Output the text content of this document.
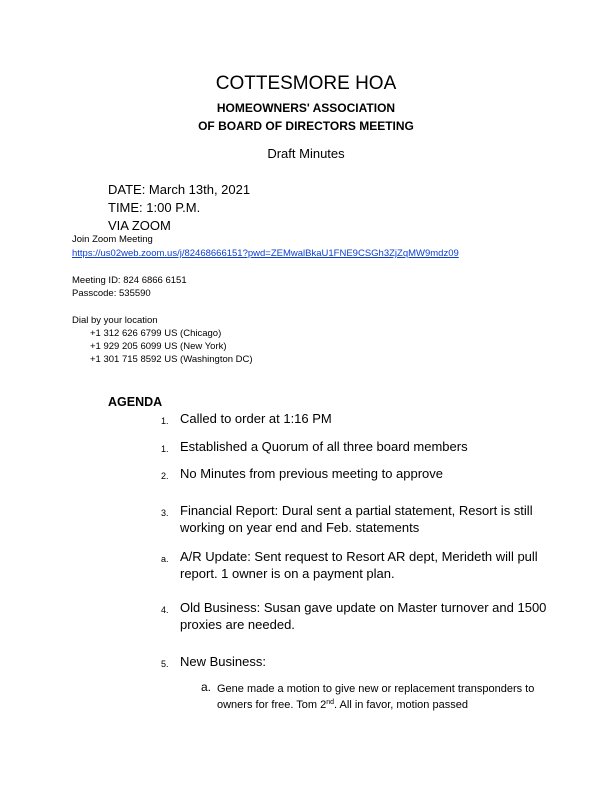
COTTESMORE HOA
HOMEOWNERS' ASSOCIATION
OF BOARD OF DIRECTORS MEETING
Draft Minutes
DATE: March 13th, 2021
TIME: 1:00 P.M.
VIA ZOOM
Join Zoom Meeting
https://us02web.zoom.us/j/82468666151?pwd=ZEMwalBkaU1FNE9CSGh3ZjZqMW9mdz09
Meeting ID: 824 6866 6151
Passcode: 535590
Dial by your location
+1 312 626 6799 US (Chicago)
+1 929 205 6099 US (New York)
+1 301 715 8592 US (Washington DC)
AGENDA
1. Called to order at 1:16 PM
1. Established a Quorum of all three board members
2. No Minutes from previous meeting to approve
3. Financial Report: Dural sent a partial statement, Resort is still
working on year end and Feb. statements
a. A/R Update: Sent request to Resort AR dept, Merideth will pull
report. 1 owner is on a payment plan.
4. Old Business: Susan gave update on Master turnover and 1500
proxies are needed.
5. New Business:
a. Gene made a motion to give new or replacement transponders to
owners for free. Tom 2nd. All in favor, motion passed
